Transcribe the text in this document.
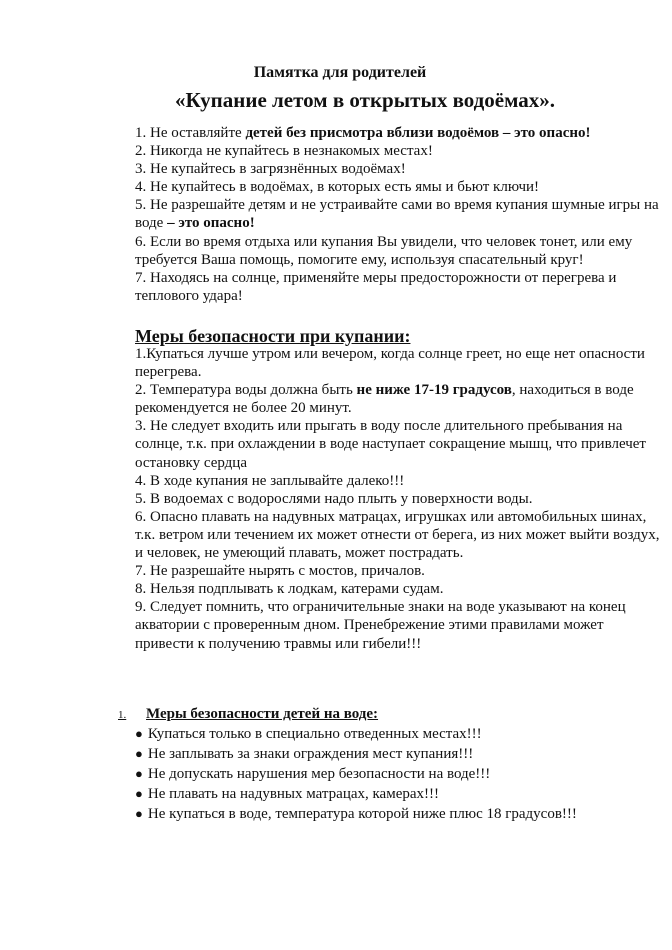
Памятка для родителей
«Купание летом в открытых водоёмах».

1. Не оставляйте детей без присмотра вблизи водоёмов – это опасно!

2. Никогда не купайтесь в незнакомых местах!

3. Не купайтесь в загрязнённых водоёмах!

4. Не купайтесь в водоёмах, в которых есть ямы и бьют ключи!

5. Не разрешайте детям и не устраивайте сами во время купания шумные игры на воде – это опасно!

6. Если во время отдыха или купания Вы увидели, что человек тонет, или ему требуется Ваша помощь, помогите ему, используя спасательный круг!

7. Находясь на солнце, применяйте меры предосторожности от перегрева и теплового удара!

Меры безопасности при купании:

1.Купаться лучше утром или вечером, когда солнце греет, но еще нет опасности перегрева.

2. Температура воды должна быть не ниже 17-19 градусов, находиться в воде рекомендуется не более 20 минут.

3. Не следует входить или прыгать в воду после длительного пребывания на солнце, т.к. при охлаждении в воде наступает сокращение мышц, что привлечет остановку сердца

4. В ходе купания не заплывайте далеко!!!

5. В водоемах с водорослями надо плыть у поверхности воды.

6. Опасно плавать на надувных матрацах, игрушках или автомобильных шинах, т.к. ветром или течением их может отнести от берега, из них может выйти воздух, и человек, не умеющий плавать, может пострадать.

7. Не разрешайте нырять с мостов, причалов.

8. Нельзя подплывать к лодкам, катерами судам.

9. Следует помнить, что ограничительные знаки на воде указывают на конец акватории с проверенным дном. Пренебрежение этими правилами может привести к получению травмы или гибели!!!

1.	Меры безопасности детей на воде:
● Купаться только в специально отведенных местах!!!
● Не заплывать за знаки ограждения мест купания!!!
● Не допускать нарушения мер безопасности на воде!!!
● Не плавать на надувных матрацах, камерах!!!
● Не купаться в воде, температура которой ниже плюс 18 градусов!!!
